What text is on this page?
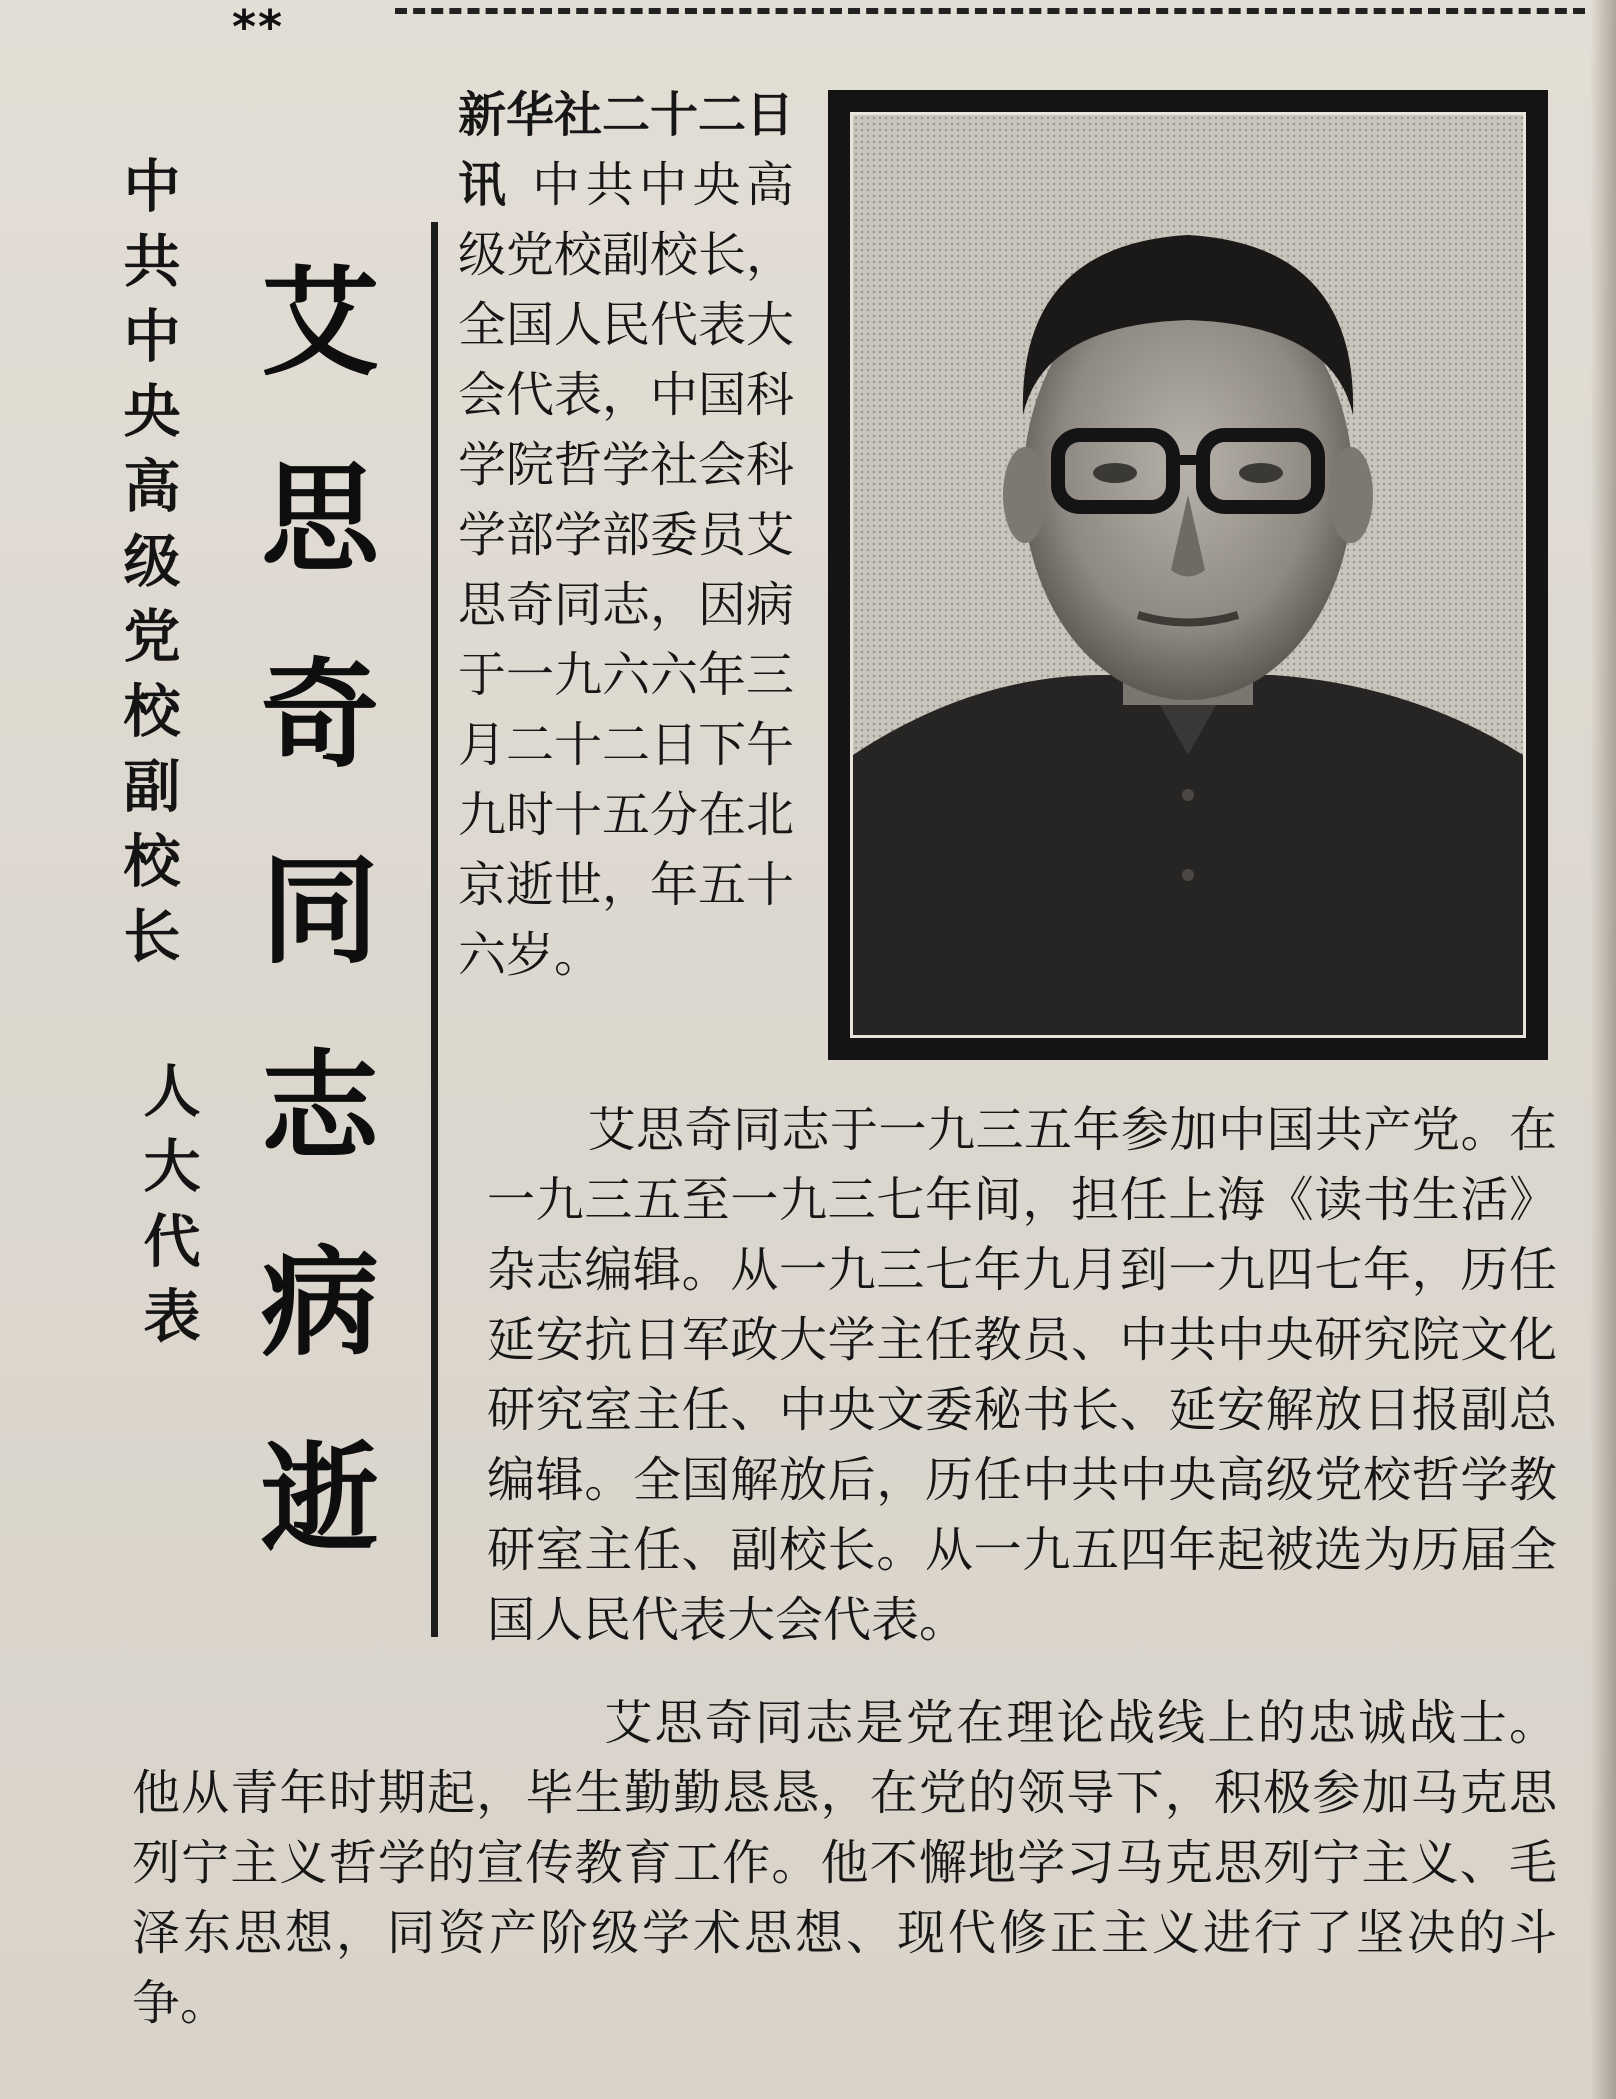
**
中共中央高级党校副校长
人大代表
艾思奇同志病逝
新华社二十二日讯 中共中央高级党校副校长，全国人民代表大会代表，中国科学院哲学社会科学部学部委员艾思奇同志，因病于一九六六年三月二十二日下午九时十五分在北京逝世，年五十六岁。
艾思奇同志于一九三五年参加中国共产党。在一九三五至一九三七年间，担任上海《读书生活》杂志编辑。从一九三七年九月到一九四七年，历任延安抗日军政大学主任教员、中共中央研究院文化研究室主任、中央文委秘书长、延安解放日报副总编辑。全国解放后，历任中共中央高级党校哲学教研室主任、副校长。从一九五四年起被选为历届全国人民代表大会代表。
艾思奇同志是党在理论战线上的忠诚战士。他从青年时期起，毕生勤勤恳恳，在党的领导下，积极参加马克思列宁主义哲学的宣传教育工作。他不懈地学习马克思列宁主义、毛泽东思想，同资产阶级学术思想、现代修正主义进行了坚决的斗争。
